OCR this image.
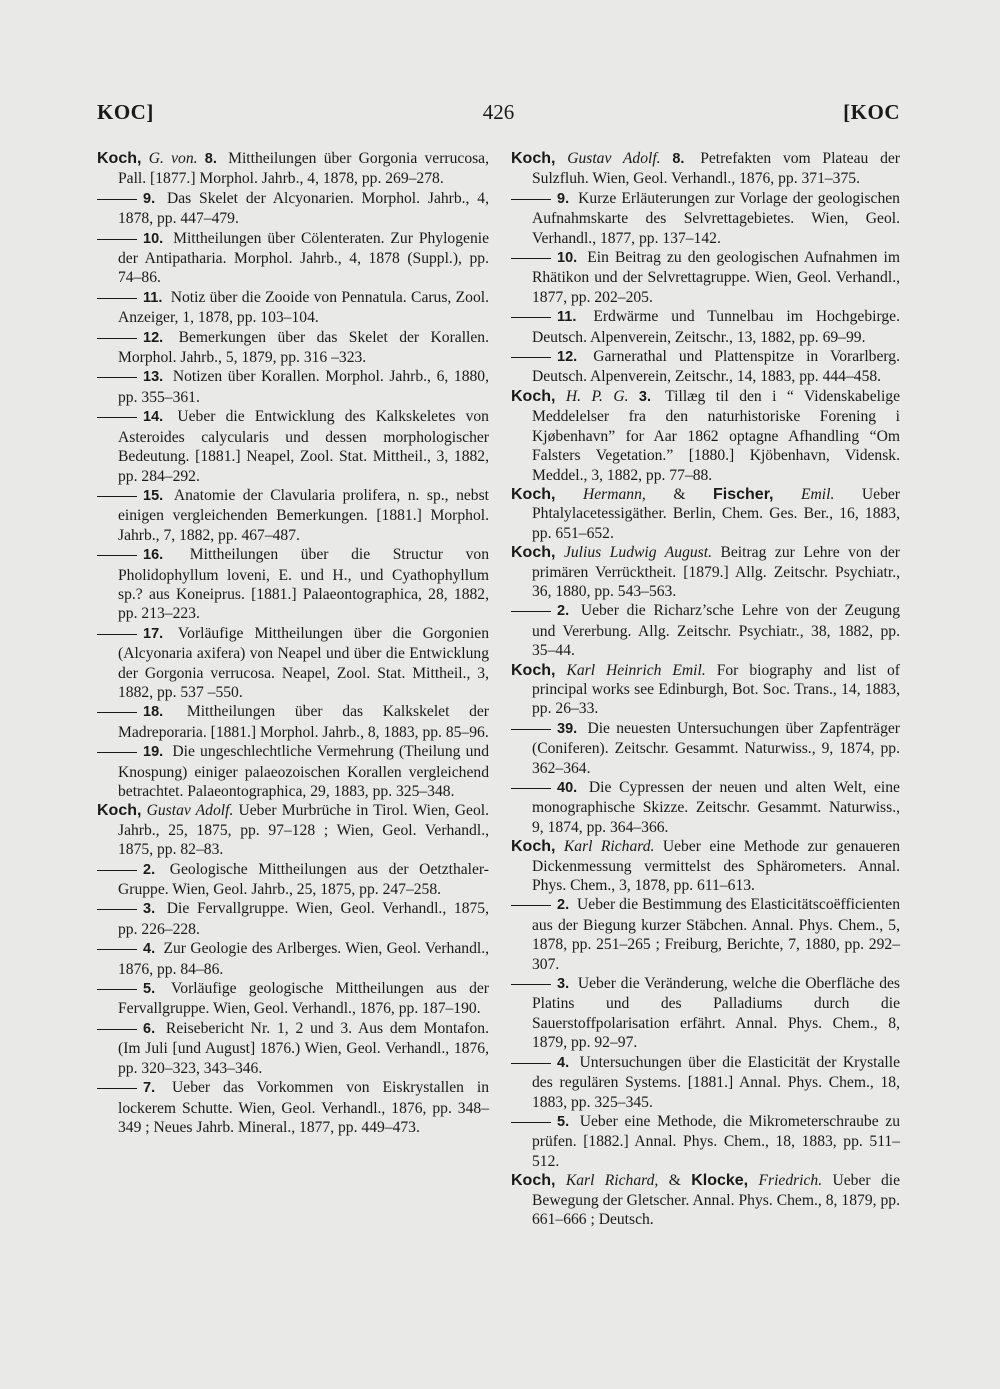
KOC]	426	[KOC

Koch, G. von. 8. Mittheilungen über Gorgonia verrucosa, Pall. [1877.] Morphol. Jahrb., 4, 1878, pp. 269–278.

9. Das Skelet der Alcyonarien. Morphol. Jahrb., 4, 1878, pp. 447–479.

10. Mittheilungen über Cölenteraten. Zur Phylogenie der Antipatharia. Morphol. Jahrb., 4, 1878 (Suppl.), pp. 74–86.

11. Notiz über die Zooide von Pennatula. Carus, Zool. Anzeiger, 1, 1878, pp. 103–104.

12. Bemerkungen über das Skelet der Korallen. Morphol. Jahrb., 5, 1879, pp. 316 –323.

13. Notizen über Korallen. Morphol. Jahrb., 6, 1880, pp. 355–361.

14. Ueber die Entwicklung des Kalkskeletes von Asteroides calycularis und dessen morphologischer Bedeutung. [1881.] Neapel, Zool. Stat. Mittheil., 3, 1882, pp. 284–292.

15. Anatomie der Clavularia prolifera, n. sp., nebst einigen vergleichenden Bemerkungen. [1881.] Morphol. Jahrb., 7, 1882, pp. 467–487.

16. Mittheilungen über die Structur von Pholidophyllum loveni, E. und H., und Cyathophyllum sp.? aus Koneiprus. [1881.] Palaeontographica, 28, 1882, pp. 213–223.

17. Vorläufige Mittheilungen über die Gorgonien (Alcyonaria axifera) von Neapel und über die Entwicklung der Gorgonia verrucosa. Neapel, Zool. Stat. Mittheil., 3, 1882, pp. 537 –550.

18. Mittheilungen über das Kalkskelet der Madreporaria. [1881.] Morphol. Jahrb., 8, 1883, pp. 85–96.

19. Die ungeschlechtliche Vermehrung (Theilung und Knospung) einiger palaeozoischen Korallen vergleichend betrachtet. Palaeontographica, 29, 1883, pp. 325–348.

Koch, Gustav Adolf. Ueber Murbrüche in Tirol. Wien, Geol. Jahrb., 25, 1875, pp. 97–128 ; Wien, Geol. Verhandl., 1875, pp. 82–83.

2. Geologische Mittheilungen aus der Oetzthaler-Gruppe. Wien, Geol. Jahrb., 25, 1875, pp. 247–258.

3. Die Fervallgruppe. Wien, Geol. Verhandl., 1875, pp. 226–228.

4. Zur Geologie des Arlberges. Wien, Geol. Verhandl., 1876, pp. 84–86.

5. Vorläufige geologische Mittheilungen aus der Fervallgruppe. Wien, Geol. Verhandl., 1876, pp. 187–190.

6. Reisebericht Nr. 1, 2 und 3. Aus dem Montafon. (Im Juli [und August] 1876.) Wien, Geol. Verhandl., 1876, pp. 320–323, 343–346.

7. Ueber das Vorkommen von Eiskrystallen in lockerem Schutte. Wien, Geol. Verhandl., 1876, pp. 348–349 ; Neues Jahrb. Mineral., 1877, pp. 449–473.

Koch, Gustav Adolf. 8. Petrefakten vom Plateau der Sulzfluh. Wien, Geol. Verhandl., 1876, pp. 371–375.

9. Kurze Erläuterungen zur Vorlage der geologischen Aufnahmskarte des Selvrettagebietes. Wien, Geol. Verhandl., 1877, pp. 137–142.

10. Ein Beitrag zu den geologischen Aufnahmen im Rhätikon und der Selvrettagruppe. Wien, Geol. Verhandl., 1877, pp. 202–205.

11. Erdwärme und Tunnelbau im Hochgebirge. Deutsch. Alpenverein, Zeitschr., 13, 1882, pp. 69–99.

12. Garnerathal und Plattenspitze in Vorarlberg. Deutsch. Alpenverein, Zeitschr., 14, 1883, pp. 444–458.

Koch, H. P. G. 3. Tillæg til den i “ Videnskabelige Meddelelser fra den naturhistoriske Forening i Kjøbenhavn” for Aar 1862 optagne Afhandling “Om Falsters Vegetation.” [1880.] Kjöbenhavn, Vidensk. Meddel., 3, 1882, pp. 77–88.

Koch, Hermann, & Fischer, Emil. Ueber Phtalylacetessigäther. Berlin, Chem. Ges. Ber., 16, 1883, pp. 651–652.

Koch, Julius Ludwig August. Beitrag zur Lehre von der primären Verrücktheit. [1879.] Allg. Zeitschr. Psychiatr., 36, 1880, pp. 543–563.

2. Ueber die Richarz’sche Lehre von der Zeugung und Vererbung. Allg. Zeitschr. Psychiatr., 38, 1882, pp. 35–44.

Koch, Karl Heinrich Emil. For biography and list of principal works see Edinburgh, Bot. Soc. Trans., 14, 1883, pp. 26–33.

39. Die neuesten Untersuchungen über Zapfenträger (Coniferen). Zeitschr. Gesammt. Naturwiss., 9, 1874, pp. 362–364.

40. Die Cypressen der neuen und alten Welt, eine monographische Skizze. Zeitschr. Gesammt. Naturwiss., 9, 1874, pp. 364–366.

Koch, Karl Richard. Ueber eine Methode zur genaueren Dickenmessung vermittelst des Sphärometers. Annal. Phys. Chem., 3, 1878, pp. 611–613.

2. Ueber die Bestimmung des Elasticitätscoëfficienten aus der Biegung kurzer Stäbchen. Annal. Phys. Chem., 5, 1878, pp. 251–265 ; Freiburg, Berichte, 7, 1880, pp. 292–307.

3. Ueber die Veränderung, welche die Oberfläche des Platins und des Palladiums durch die Sauerstoffpolarisation erfährt. Annal. Phys. Chem., 8, 1879, pp. 92–97.

4. Untersuchungen über die Elasticität der Krystalle des regulären Systems. [1881.] Annal. Phys. Chem., 18, 1883, pp. 325–345.

5. Ueber eine Methode, die Mikrometerschraube zu prüfen. [1882.] Annal. Phys. Chem., 18, 1883, pp. 511–512.

Koch, Karl Richard, & Klocke, Friedrich. Ueber die Bewegung der Gletscher. Annal. Phys. Chem., 8, 1879, pp. 661–666 ; Deutsch.
